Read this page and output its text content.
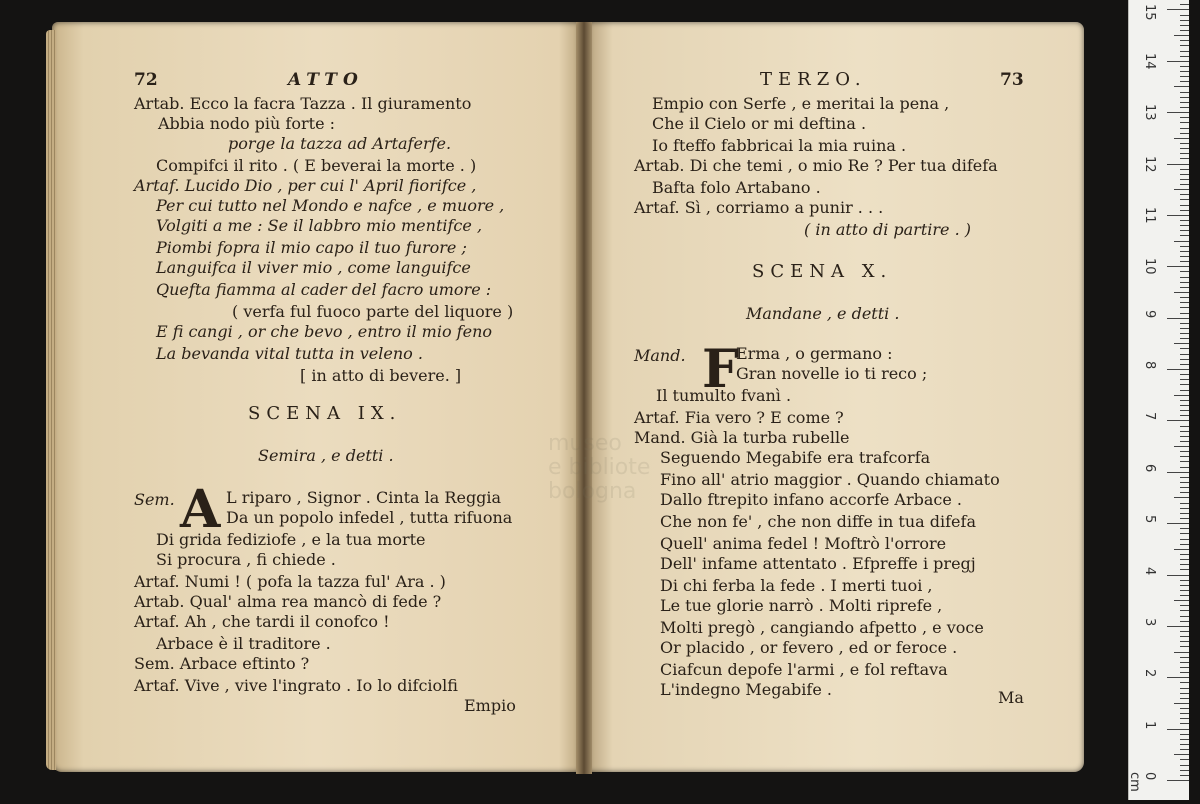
72	ATTO
Artab. Ecco la facra Tazza . Il giuramento
Abbia nodo più forte :
porge la tazza ad Artaferfe.
Compifci il rito . ( E beverai la morte . )
Artaf. Lucido Dio , per cui l' April fiorifce ,
Per cui tutto nel Mondo e nafce , e muore ,
Volgiti a me : Se il labbro mio mentifce ,
Piombi fopra il mio capo il tuo furore ;
Languifca il viver mio , come languifce
Quefta fiamma al cader del facro umore :
( verfa ful fuoco parte del liquore )
E fi cangi , or che bevo , entro il mio feno
La bevanda vital tutta in veleno .
[ in atto di bevere. ]
SCENA IX.
Semira , e detti .
A
Sem.	L riparo , Signor . Cinta la Reggia
Da un popolo infedel , tutta rifuona
Di grida fediziofe , e la tua morte
Si procura , fi chiede .
Artaf. Numi ! ( pofa la tazza ful' Ara . )
Artab. Qual' alma rea mancò di fede ?
Artaf. Ah , che tardi il conofco !
Arbace è il traditore .
Sem. Arbace eftinto ?
Artaf. Vive , vive l'ingrato . Io lo difciolfi
Empio
TERZO.	73
Empio con Serfe , e meritai la pena ,
Che il Cielo or mi deftina .
Io fteffo fabbricai la mia ruina .
Artab. Di che temi , o mio Re ? Per tua difefa
Bafta folo Artabano .
Artaf. Sì , corriamo a punir . . .
( in atto di partire . )
SCENA X.
Mandane , e detti .
F
Mand.	Erma , o germano :
Gran novelle io ti reco ;
Il tumulto fvanì .
Artaf. Fia vero ? E come ?
Mand. Già la turba rubelle
Seguendo Megabife era trafcorfa
Fino all' atrio maggior . Quando chiamato
Dallo ftrepito infano accorfe Arbace .
Che non fe' , che non diffe in tua difefa
Quell' anima fedel ! Moftrò l'orrore
Dell' infame attentato . Efpreffe i pregj
Di chi ferba la fede . I merti tuoi ,
Le tue glorie narrò . Molti riprefe ,
Molti pregò , cangiando afpetto , e voce
Or placido , or fevero , ed or feroce .
Ciafcun depofe l'armi , e fol reftava
L'indegno Megabife .	Ma
museo
e bibliote
bologna
15
14
13
12
11
10
9
8
7
6
5
4
3
2
1
0 cm
